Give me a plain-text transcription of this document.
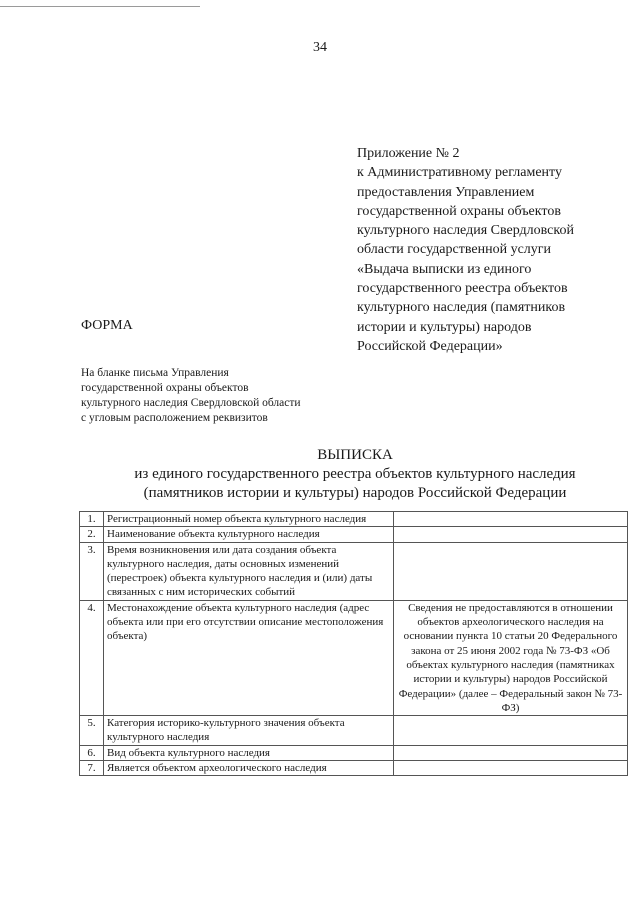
34
Приложение № 2
к Административному регламенту
предоставления Управлением
государственной охраны объектов
культурного наследия Свердловской
области государственной услуги
«Выдача выписки из единого
государственного реестра объектов
культурного наследия (памятников
истории и культуры) народов
Российской Федерации»
ФОРМА
На бланке письма Управления
государственной охраны объектов
культурного наследия Свердловской области
с угловым расположением реквизитов
ВЫПИСКА
из единого государственного реестра объектов культурного наследия
(памятников истории и культуры) народов Российской Федерации
1.	Регистрационный номер объекта культурного наследия	
2.	Наименование объекта культурного наследия	
3.	Время возникновения или дата создания объекта культурного наследия, даты основных изменений (перестроек) объекта культурного наследия и (или) даты связанных с ним исторических событий	
4.	Местонахождение объекта культурного наследия (адрес объекта или при его отсутствии описание местоположения объекта)	Сведения не предоставляются в отношении объектов археологического наследия на основании пункта 10 статьи 20 Федерального закона от 25 июня 2002 года № 73-ФЗ «Об объектах культурного наследия (памятниках истории и культуры) народов Российской Федерации» (далее – Федеральный закон № 73-ФЗ)
5.	Категория историко-культурного значения объекта культурного наследия	
6.	Вид объекта культурного наследия	
7.	Является объектом археологического наследия	
